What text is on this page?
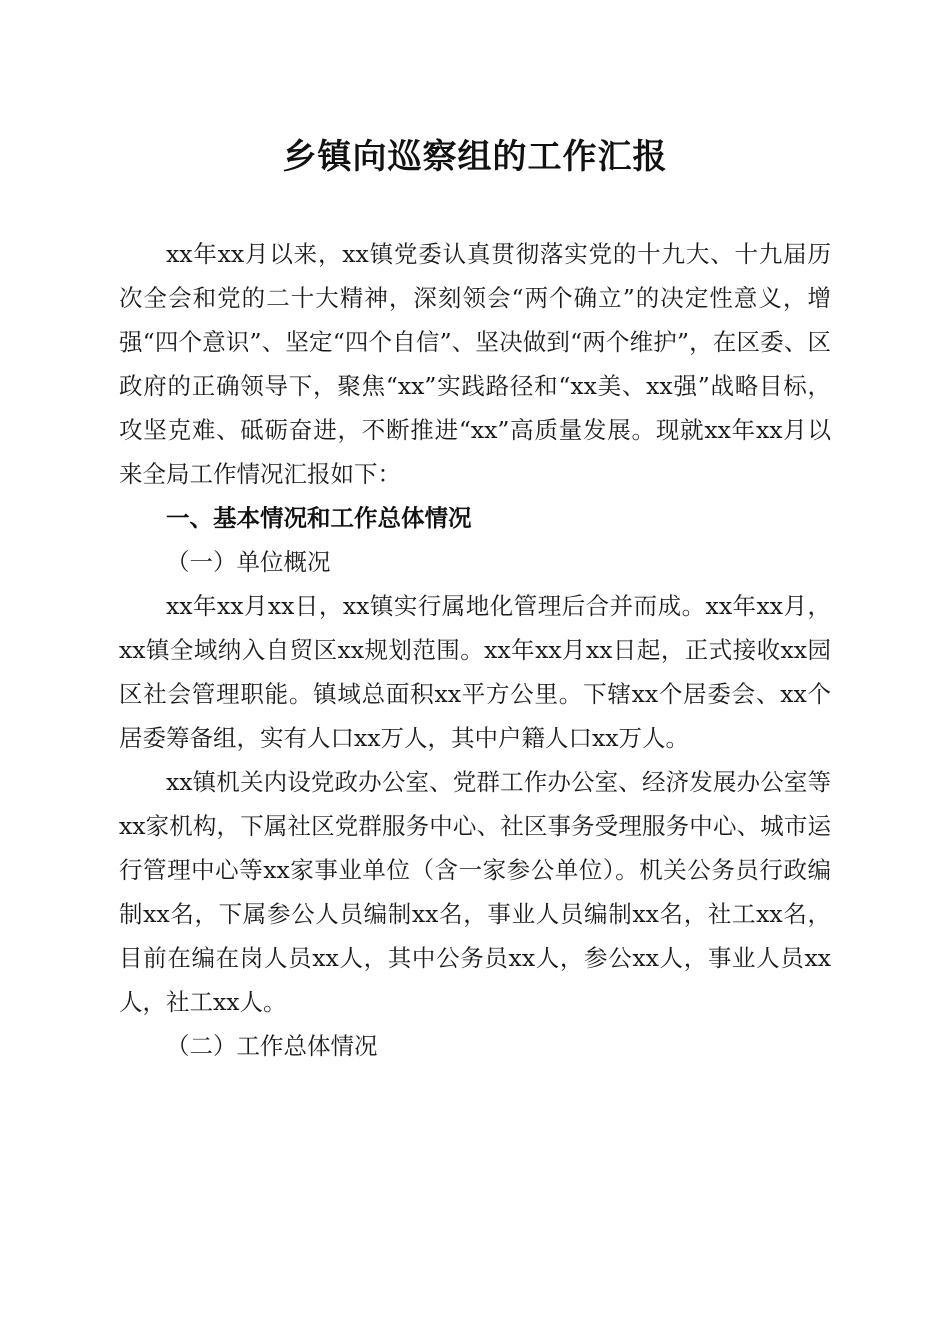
乡镇向巡察组的工作汇报

xx年xx月以来，xx镇党委认真贯彻落实党的十九大、十九届历次全会和党的二十大精神，深刻领会“两个确立”的决定性意义，增强“四个意识”、坚定“四个自信”、坚决做到“两个维护”，在区委、区政府的正确领导下，聚焦“xx”实践路径和“xx美、xx强”战略目标，攻坚克难、砥砺奋进，不断推进“xx”高质量发展。现就xx年xx月以来全局工作情况汇报如下：

一、基本情况和工作总体情况

（一）单位概况

xx年xx月xx日，xx镇实行属地化管理后合并而成。xx年xx月，xx镇全域纳入自贸区xx规划范围。xx年xx月xx日起，正式接收xx园区社会管理职能。镇域总面积xx平方公里。下辖xx个居委会、xx个居委筹备组，实有人口xx万人，其中户籍人口xx万人。

xx镇机关内设党政办公室、党群工作办公室、经济发展办公室等xx家机构，下属社区党群服务中心、社区事务受理服务中心、城市运行管理中心等xx家事业单位（含一家参公单位）。机关公务员行政编制xx名，下属参公人员编制xx名，事业人员编制xx名，社工xx名，目前在编在岗人员xx人，其中公务员xx人，参公xx人，事业人员xx人，社工xx人。

（二）工作总体情况
